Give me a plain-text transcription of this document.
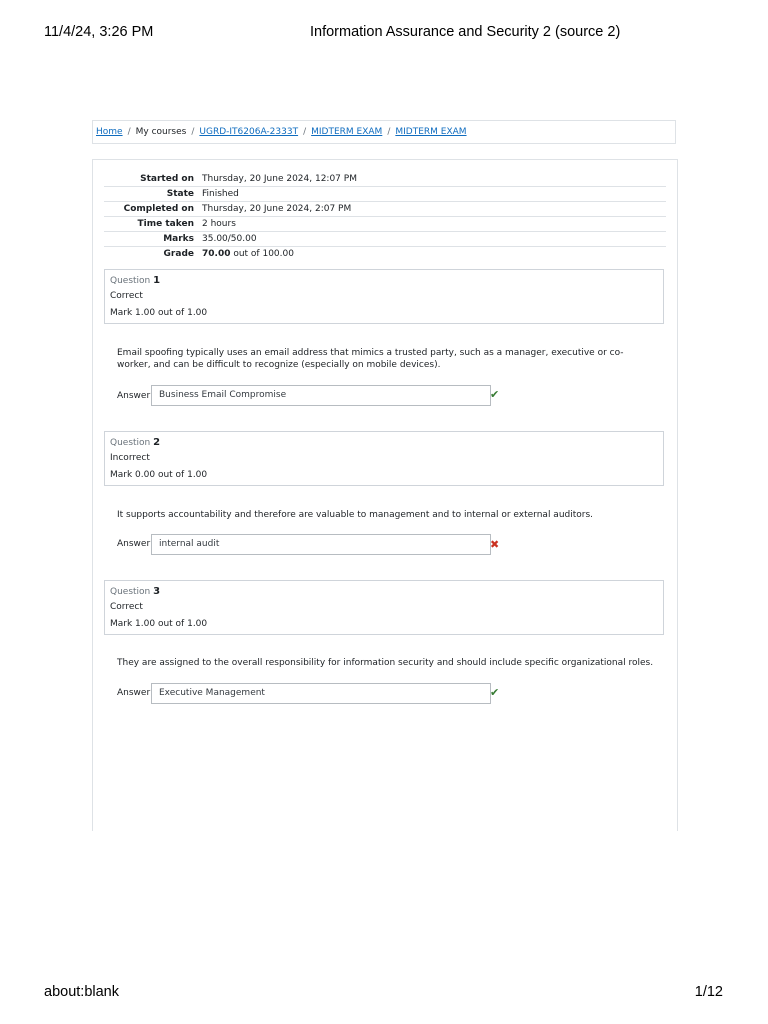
11/4/24, 3:26 PM	Information Assurance and Security 2 (source 2)
Home / My courses / UGRD-IT6206A-2333T / MIDTERM EXAM / MIDTERM EXAM
Started on	Thursday, 20 June 2024, 12:07 PM
State	Finished
Completed on	Thursday, 20 June 2024, 2:07 PM
Time taken	2 hours
Marks	35.00/50.00
Grade	70.00 out of 100.00
Question 1
Correct
Mark 1.00 out of 1.00
Email spoofing typically uses an email address that mimics a trusted party, such as a manager, executive or co-worker, and can be difficult to recognize (especially on mobile devices).
Answer: Business Email Compromise	✔
Question 2
Incorrect
Mark 0.00 out of 1.00
It supports accountability and therefore are valuable to management and to internal or external auditors.
Answer: internal audit	✖
Question 3
Correct
Mark 1.00 out of 1.00
They are assigned to the overall responsibility for information security and should include specific organizational roles.
Answer: Executive Management	✔
about:blank	1/12
